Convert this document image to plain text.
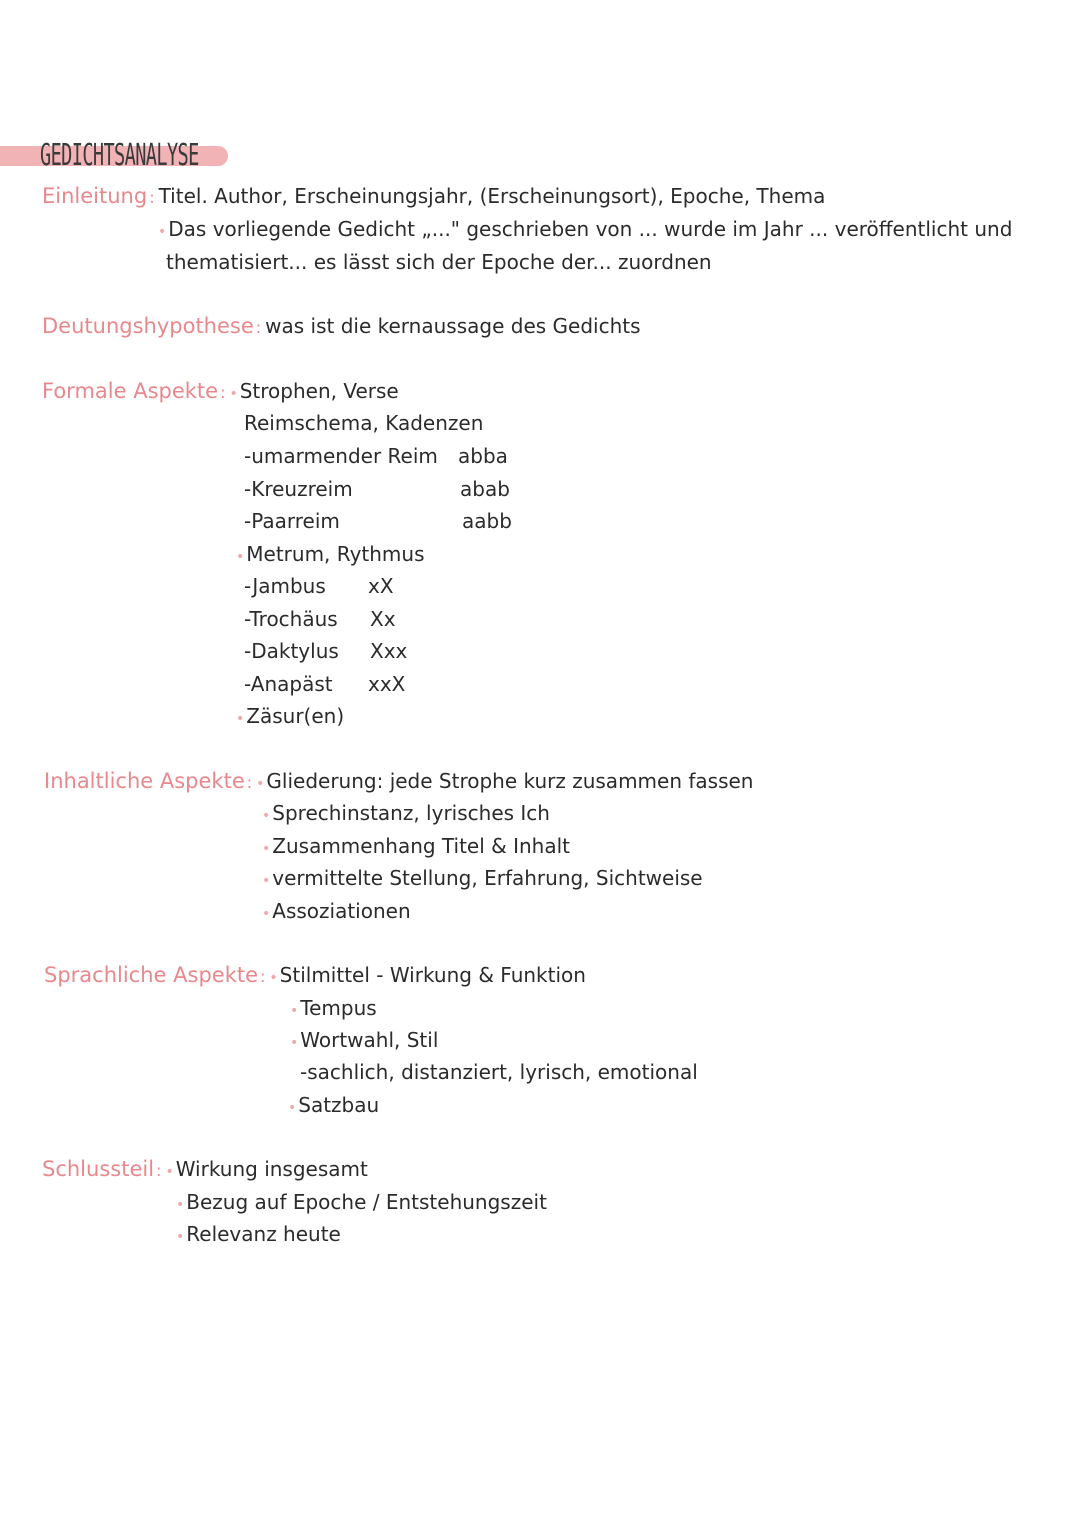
GEDICHTSANALYSE
Einleitung : Titel. Author, Erscheinungsjahr, (Erscheinungsort), Epoche, Thema
• Das vorliegende Gedicht „..." geschrieben von ... wurde im Jahr ... veröffentlicht und
thematisiert... es lässt sich der Epoche der... zuordnen
Deutungshypothese : was ist die kernaussage des Gedichts
Formale Aspekte : • Strophen, Verse
Reimschema, Kadenzen
-umarmender Reim abba
-Kreuzreim	abab
-Paarreim	aabb
• Metrum, Rythmus
-Jambus xX
-Trochäus Xx
-Daktylus Xxx
-Anapäst xxX
• Zäsur(en)
Inhaltliche Aspekte : • Gliederung: jede Strophe kurz zusammen fassen
• Sprechinstanz, lyrisches Ich
• Zusammenhang Titel & Inhalt
• vermittelte Stellung, Erfahrung, Sichtweise
• Assoziationen
Sprachliche Aspekte : • Stilmittel - Wirkung & Funktion
• Tempus
• Wortwahl, Stil
-sachlich, distanziert, lyrisch, emotional
• Satzbau
Schlussteil : • Wirkung insgesamt
• Bezug auf Epoche / Entstehungszeit
• Relevanz heute
